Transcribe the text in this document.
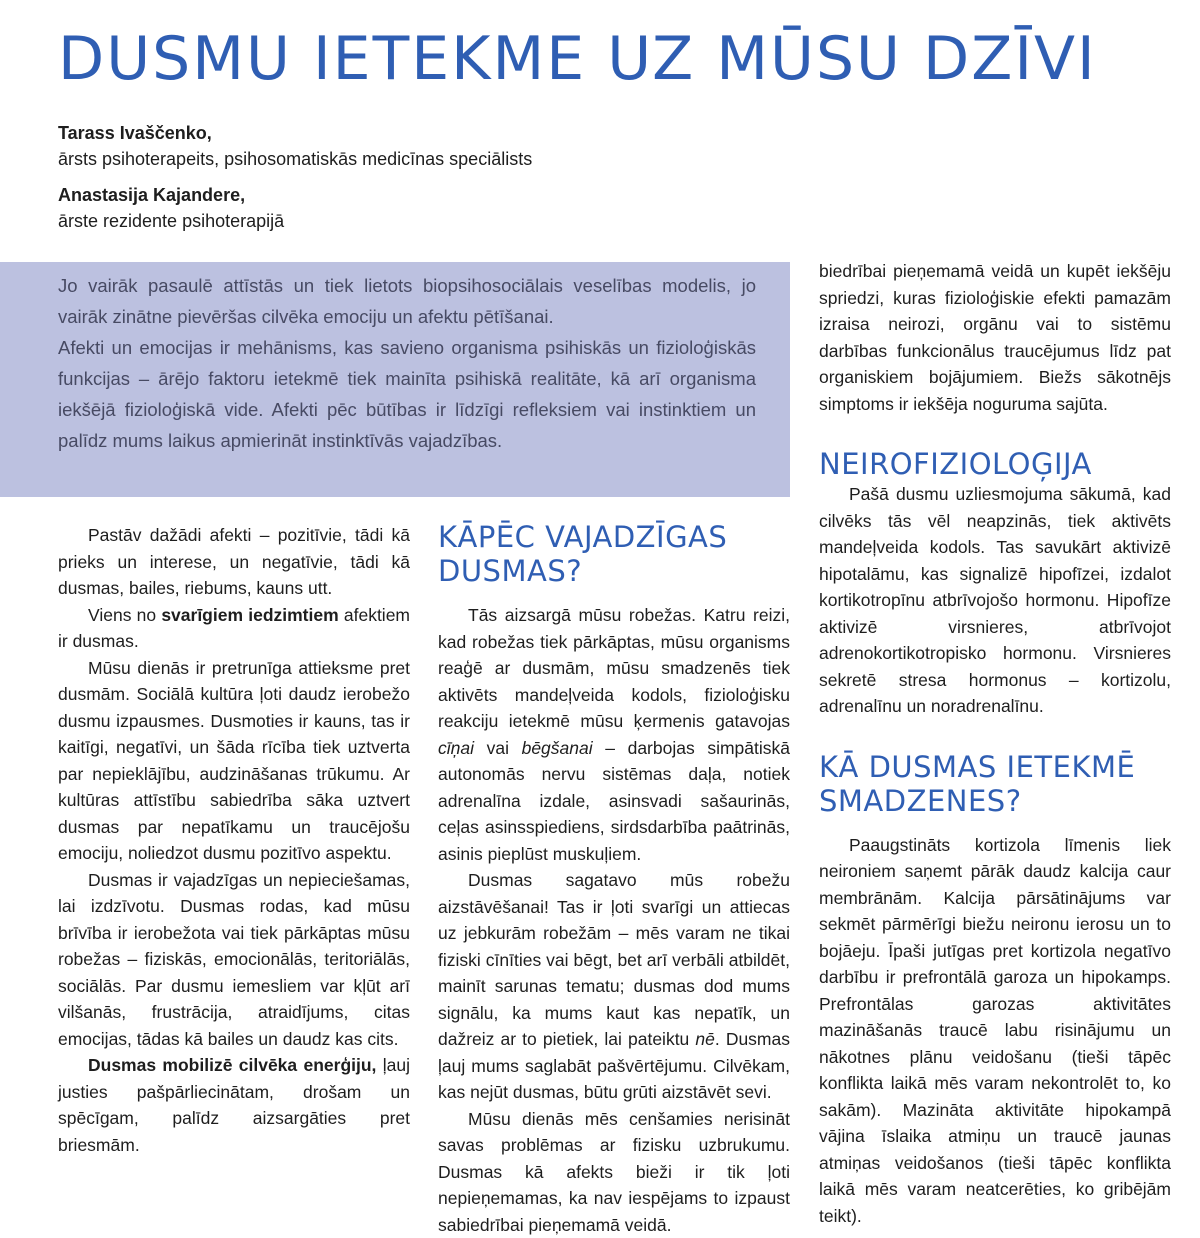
DUSMU IETEKME UZ MŪSU DZĪVI
Tarass Ivaščenko,
ārsts psihoterapeits, psihosomatiskās medicīnas speciālists
Anastasija Kajandere,
ārste rezidente psihoterapijā

Jo vairāk pasaulē attīstās un tiek lietots biopsihosociālais veselības modelis, jo vairāk zinātne pievēršas cilvēka emociju un afektu pētīšanai.

Afekti un emocijas ir mehānisms, kas savieno organisma psihiskās un fizioloģiskās funkcijas – ārējo faktoru ietekmē tiek mainīta psihiskā realitāte, kā arī organisma iekšējā fizioloģiskā vide. Afekti pēc būtības ir līdzīgi refleksiem vai instinktiem un palīdz mums laikus apmierināt instinktīvās vajadzības.

Pastāv dažādi afekti – pozitīvie, tādi kā prieks un interese, un negatīvie, tādi kā dusmas, bailes, riebums, kauns utt.

Viens no svarīgiem iedzimtiem afektiem ir dusmas.

Mūsu dienās ir pretrunīga attieksme pret dusmām. Sociālā kultūra ļoti daudz ierobežo dusmu izpausmes. Dusmoties ir kauns, tas ir kaitīgi, negatīvi, un šāda rīcība tiek uztverta par nepieklājību, audzināšanas trūkumu. Ar kultūras attīstību sabiedrība sāka uztvert dusmas par nepatīkamu un traucējošu emociju, noliedzot dusmu pozitīvo aspektu.

Dusmas ir vajadzīgas un nepieciešamas, lai izdzīvotu. Dusmas rodas, kad mūsu brīvība ir ierobežota vai tiek pārkāptas mūsu robežas – fiziskās, emocionālās, teritoriālās, sociālās. Par dusmu iemesliem var kļūt arī vilšanās, frustrācija, atraidījums, citas emocijas, tādas kā bailes un daudz kas cits.

Dusmas mobilizē cilvēka enerģiju, ļauj justies pašpārliecinātam, drošam un spēcīgam, palīdz aizsargāties pret briesmām.

KĀPĒC VAJADZĪGAS DUSMAS?

Tās aizsargā mūsu robežas. Katru reizi, kad robežas tiek pārkāptas, mūsu organisms reaģē ar dusmām, mūsu smadzenēs tiek aktivēts mandeļveida kodols, fizioloģisku reakciju ietekmē mūsu ķermenis gatavojas cīņai vai bēgšanai – darbojas simpātiskā autonomās nervu sistēmas daļa, notiek adrenalīna izdale, asinsvadi sašaurinās, ceļas asinsspiediens, sirdsdarbība paātrinās, asinis pieplūst muskuļiem.

Dusmas sagatavo mūs robežu aizstāvēšanai! Tas ir ļoti svarīgi un attiecas uz jebkurām robežām – mēs varam ne tikai fiziski cīnīties vai bēgt, bet arī verbāli atbildēt, mainīt sarunas tematu; dusmas dod mums signālu, ka mums kaut kas nepatīk, un dažreiz ar to pietiek, lai pateiktu nē. Dusmas ļauj mums saglabāt pašvērtējumu. Cilvēkam, kas nejūt dusmas, būtu grūti aizstāvēt sevi.

Mūsu dienās mēs cenšamies nerisināt savas problēmas ar fizisku uzbrukumu. Dusmas kā afekts bieži ir tik ļoti nepieņemamas, ka nav iespējams to izpaust sabiedrībai pieņemamā veidā.

biedrībai pieņemamā veidā un kupēt iekšēju spriedzi, kuras fizioloģiskie efekti pamazām izraisa neirozi, orgānu vai to sistēmu darbības funkcionālus traucējumus līdz pat organiskiem bojājumiem. Biežs sākotnējs simptoms ir iekšēja noguruma sajūta.

NEIROFIZIOLOĢIJA

Pašā dusmu uzliesmojuma sākumā, kad cilvēks tās vēl neapzinās, tiek aktivēts mandeļveida kodols. Tas savukārt aktivizē hipotalāmu, kas signalizē hipofīzei, izdalot kortikotropīnu atbrīvojošo hormonu. Hipofīze aktivizē virsnieres, atbrīvojot adrenokortikotropisko hormonu. Virsnieres sekretē stresa hormonus – kortizolu, adrenalīnu un noradrenalīnu.

KĀ DUSMAS IETEKMĒ SMADZENES?

Paaugstināts kortizola līmenis liek neironiem saņemt pārāk daudz kalcija caur membrānām. Kalcija pārsātinājums var sekmēt pārmērīgi biežu neironu ierosu un to bojāeju. Īpaši jutīgas pret kortizola negatīvo darbību ir prefrontālā garoza un hipokamps. Prefrontālas garozas aktivitātes mazināšanās traucē labu risinājumu un nākotnes plānu veidošanu (tieši tāpēc konflikta laikā mēs varam nekontrolēt to, ko sakām). Mazināta aktivitāte hipokampā vājina īslaika atmiņu un traucē jaunas atmiņas veidošanos (tieši tāpēc konflikta laikā mēs varam neatcerēties, ko gribējām teikt).
